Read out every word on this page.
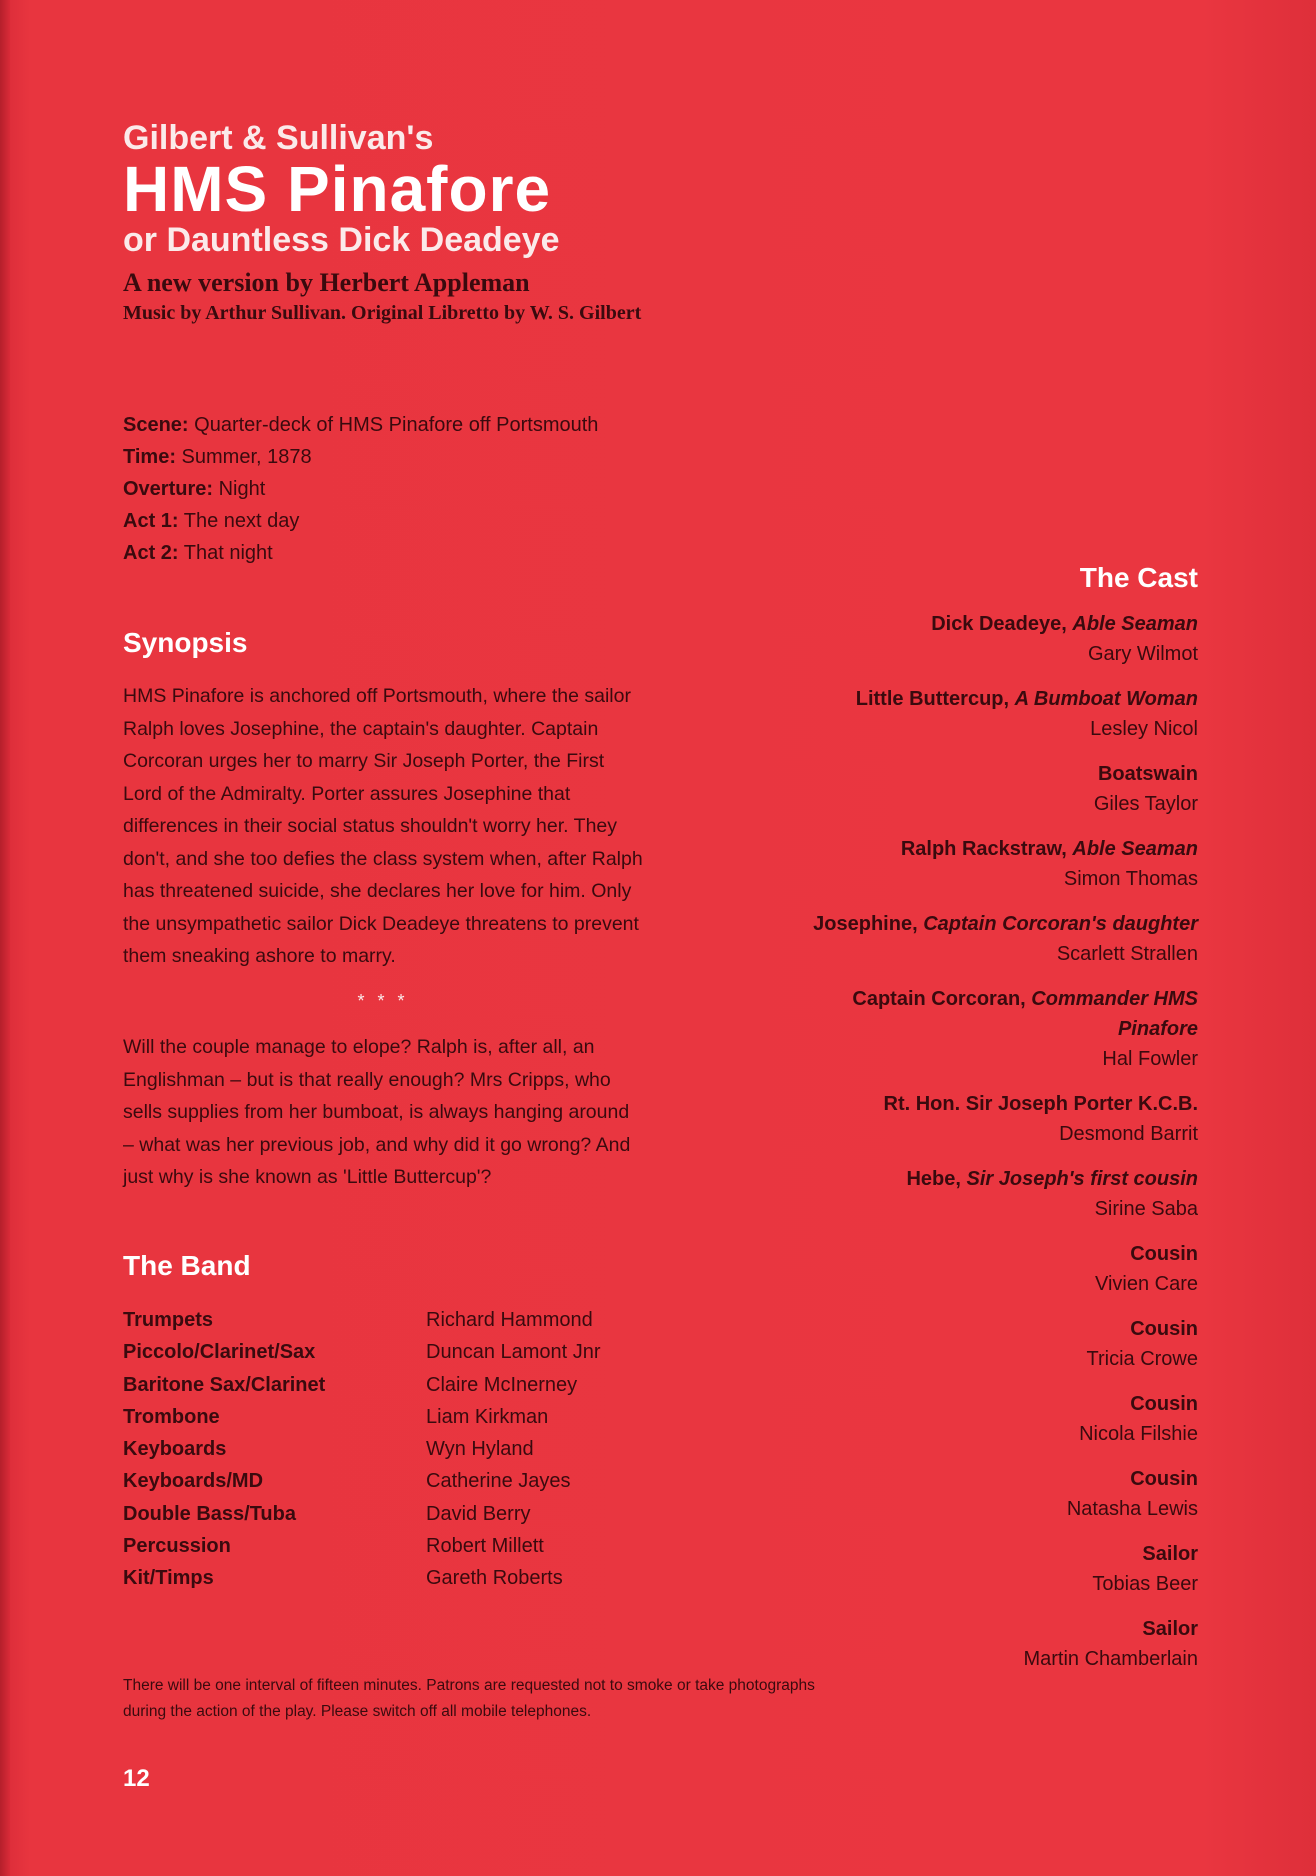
Gilbert & Sullivan's
HMS Pinafore
or Dauntless Dick Deadeye
A new version by Herbert Appleman
Music by Arthur Sullivan. Original Libretto by W. S. Gilbert
Scene: Quarter-deck of HMS Pinafore off Portsmouth
Time: Summer, 1878
Overture: Night
Act 1: The next day
Act 2: That night
Synopsis

HMS Pinafore is anchored off Portsmouth, where the sailor Ralph loves Josephine, the captain's daughter. Captain Corcoran urges her to marry Sir Joseph Porter, the First Lord of the Admiralty. Porter assures Josephine that differences in their social status shouldn't worry her. They don't, and she too defies the class system when, after Ralph has threatened suicide, she declares her love for him. Only the unsympathetic sailor Dick Deadeye threatens to prevent them sneaking ashore to marry.

* * *

Will the couple manage to elope? Ralph is, after all, an Englishman – but is that really enough? Mrs Cripps, who sells supplies from her bumboat, is always hanging around – what was her previous job, and why did it go wrong? And just why is she known as 'Little Buttercup'?

The Band
Trumpets	Richard Hammond
Piccolo/Clarinet/Sax	Duncan Lamont Jnr
Baritone Sax/Clarinet	Claire McInerney
Trombone	Liam Kirkman
Keyboards	Wyn Hyland
Keyboards/MD	Catherine Jayes
Double Bass/Tuba	David Berry
Percussion	Robert Millett
Kit/Timps	Gareth Roberts
There will be one interval of fifteen minutes. Patrons are requested not to smoke or take photographs during the action of the play. Please switch off all mobile telephones.
12
The Cast
Dick Deadeye, Able Seaman
Gary Wilmot
Little Buttercup, A Bumboat Woman
Lesley Nicol
Boatswain
Giles Taylor
Ralph Rackstraw, Able Seaman
Simon Thomas
Josephine, Captain Corcoran's daughter
Scarlett Strallen
Captain Corcoran, Commander HMS Pinafore
Hal Fowler
Rt. Hon. Sir Joseph Porter K.C.B.
Desmond Barrit
Hebe, Sir Joseph's first cousin
Sirine Saba
Cousin
Vivien Care
Cousin
Tricia Crowe
Cousin
Nicola Filshie
Cousin
Natasha Lewis
Sailor
Tobias Beer
Sailor
Martin Chamberlain
